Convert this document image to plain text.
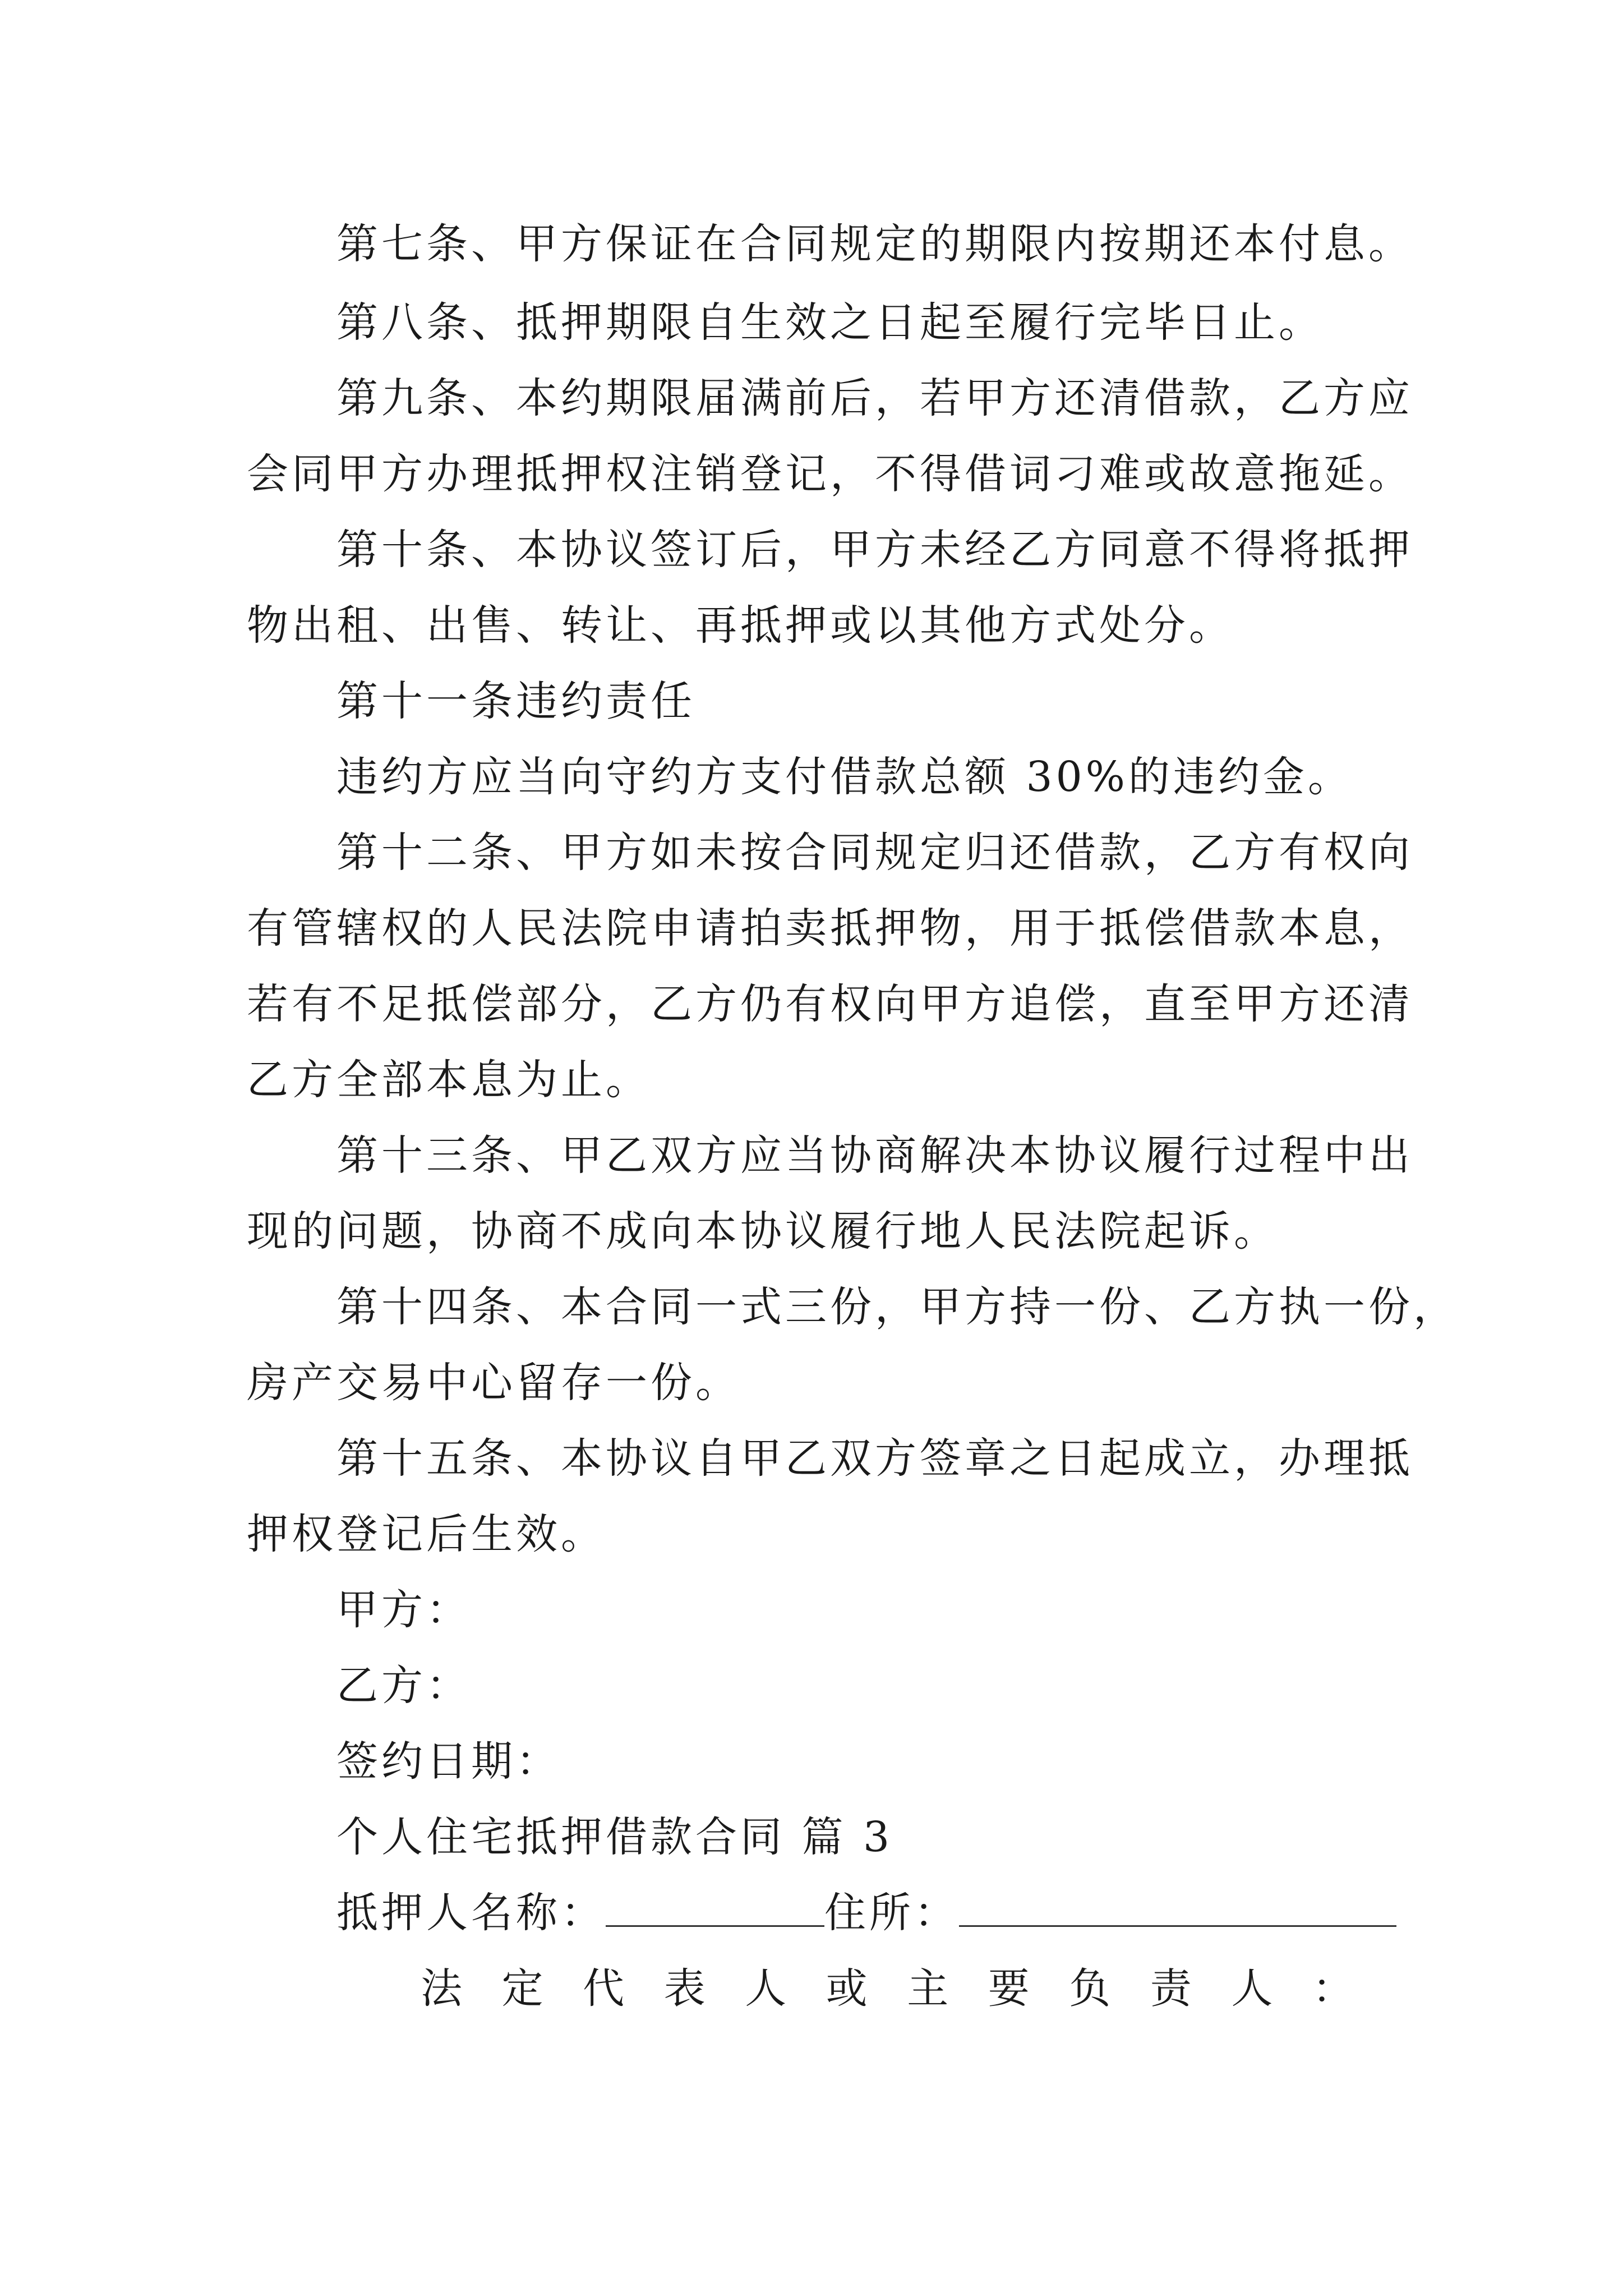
第七条、甲方保证在合同规定的期限内按期还本付息。
第八条、抵押期限自生效之日起至履行完毕日止。
第九条、本约期限届满前后，若甲方还清借款，乙方应
会同甲方办理抵押权注销登记，不得借词刁难或故意拖延。
第十条、本协议签订后，甲方未经乙方同意不得将抵押
物出租、出售、转让、再抵押或以其他方式处分。
第十一条违约责任
违约方应当向守约方支付借款总额 30%的违约金。
第十二条、甲方如未按合同规定归还借款，乙方有权向
有管辖权的人民法院申请拍卖抵押物，用于抵偿借款本息，
若有不足抵偿部分，乙方仍有权向甲方追偿，直至甲方还清
乙方全部本息为止。
第十三条、甲乙双方应当协商解决本协议履行过程中出
现的问题，协商不成向本协议履行地人民法院起诉。
第十四条、本合同一式三份，甲方持一份、乙方执一份，
房产交易中心留存一份。
第十五条、本协议自甲乙双方签章之日起成立，办理抵
押权登记后生效。
甲方：
乙方：
签约日期：
个人住宅抵押借款合同 篇 3
抵押人名称：	住所：
法 定 代 表 人 或 主 要 负 责 人 ：
